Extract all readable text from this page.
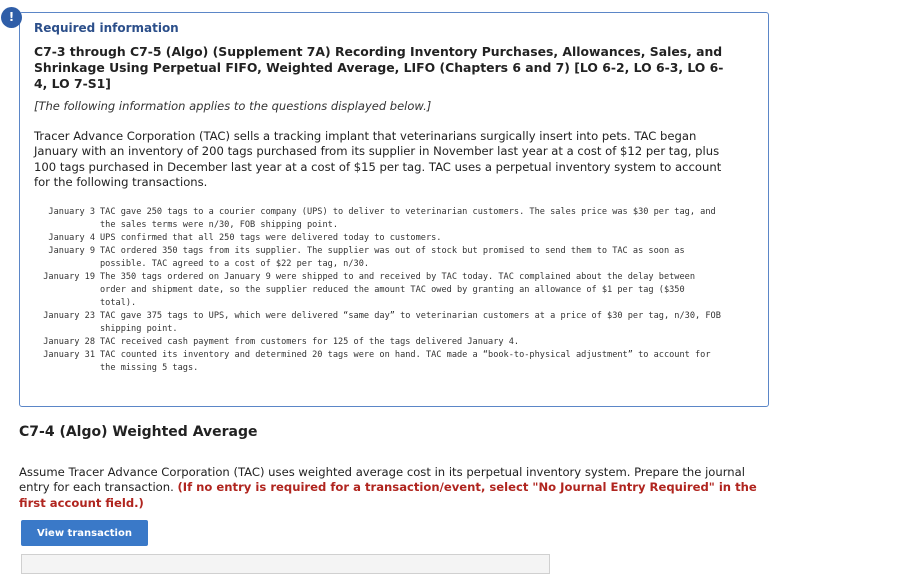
!
Required information
C7-3 through C7-5 (Algo) (Supplement 7A) Recording Inventory Purchases, Allowances, Sales, and Shrinkage Using Perpetual FIFO, Weighted Average, LIFO (Chapters 6 and 7) [LO 6-2, LO 6-3, LO 6-4, LO 7-S1]
[The following information applies to the questions displayed below.]
Tracer Advance Corporation (TAC) sells a tracking implant that veterinarians surgically insert into pets. TAC began January with an inventory of 200 tags purchased from its supplier in November last year at a cost of $12 per tag, plus 100 tags purchased in December last year at a cost of $15 per tag. TAC uses a perpetual inventory system to account for the following transactions.
January 3 TAC gave 250 tags to a courier company (UPS) to deliver to veterinarian customers. The sales price was $30 per tag, and the sales terms were n/30, FOB shipping point.
January 4 UPS confirmed that all 250 tags were delivered today to customers.
January 9 TAC ordered 350 tags from its supplier. The supplier was out of stock but promised to send them to TAC as soon as possible. TAC agreed to a cost of $22 per tag, n/30.
January 19 The 350 tags ordered on January 9 were shipped to and received by TAC today. TAC complained about the delay between order and shipment date, so the supplier reduced the amount TAC owed by granting an allowance of $1 per tag ($350 total).
January 23 TAC gave 375 tags to UPS, which were delivered “same day” to veterinarian customers at a price of $30 per tag, n/30, FOB shipping point.
January 28 TAC received cash payment from customers for 125 of the tags delivered January 4.
January 31 TAC counted its inventory and determined 20 tags were on hand. TAC made a “book-to-physical adjustment” to account for the missing 5 tags.
C7-4 (Algo) Weighted Average
Assume Tracer Advance Corporation (TAC) uses weighted average cost in its perpetual inventory system. Prepare the journal entry for each transaction. (If no entry is required for a transaction/event, select "No Journal Entry Required" in the first account field.)
View transaction
